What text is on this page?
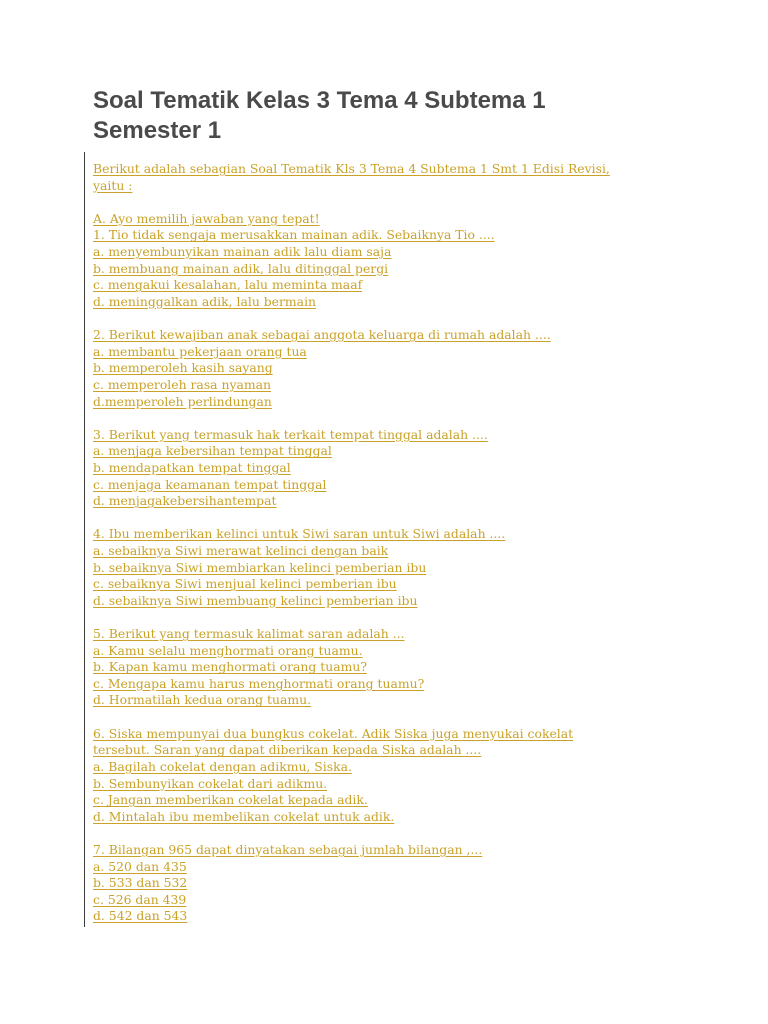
Soal Tematik Kelas 3 Tema 4 Subtema 1
Semester 1

Berikut adalah sebagian Soal Tematik Kls 3 Tema 4 Subtema 1 Smt 1 Edisi Revisi,
yaitu :

A. Ayo memilih jawaban yang tepat!
1. Tio tidak sengaja merusakkan mainan adik. Sebaiknya Tio ....
a. menyembunyikan mainan adik lalu diam saja
b. membuang mainan adik, lalu ditinggal pergi
c. mengakui kesalahan, lalu meminta maaf
d. meninggalkan adik, lalu bermain

2. Berikut kewajiban anak sebagai anggota keluarga di rumah adalah ....
a. membantu pekerjaan orang tua
b. memperoleh kasih sayang
c. memperoleh rasa nyaman
d.memperoleh perlindungan

3. Berikut yang termasuk hak terkait tempat tinggal adalah ....
a. menjaga kebersihan tempat tinggal
b. mendapatkan tempat tinggal
c. menjaga keamanan tempat tinggal
d. menjagakebersihantempat

4. Ibu memberikan kelinci untuk Siwi saran untuk Siwi adalah ....
a. sebaiknya Siwi merawat kelinci dengan baik
b. sebaiknya Siwi membiarkan kelinci pemberian ibu
c. sebaiknya Siwi menjual kelinci pemberian ibu
d. sebaiknya Siwi membuang kelinci pemberian ibu

5. Berikut yang termasuk kalimat saran adalah ...
a. Kamu selalu menghormati orang tuamu.
b. Kapan kamu menghormati orang tuamu?
c. Mengapa kamu harus menghormati orang tuamu?
d. Hormatilah kedua orang tuamu.

6. Siska mempunyai dua bungkus cokelat. Adik Siska juga menyukai cokelat
tersebut. Saran yang dapat diberikan kepada Siska adalah ....
a. Bagilah cokelat dengan adikmu, Siska.
b. Sembunyikan cokelat dari adikmu.
c. Jangan memberikan cokelat kepada adik.
d. Mintalah ibu membelikan cokelat untuk adik.

7. Bilangan 965 dapat dinyatakan sebagai jumlah bilangan ,...
a. 520 dan 435
b. 533 dan 532
c. 526 dan 439
d. 542 dan 543
